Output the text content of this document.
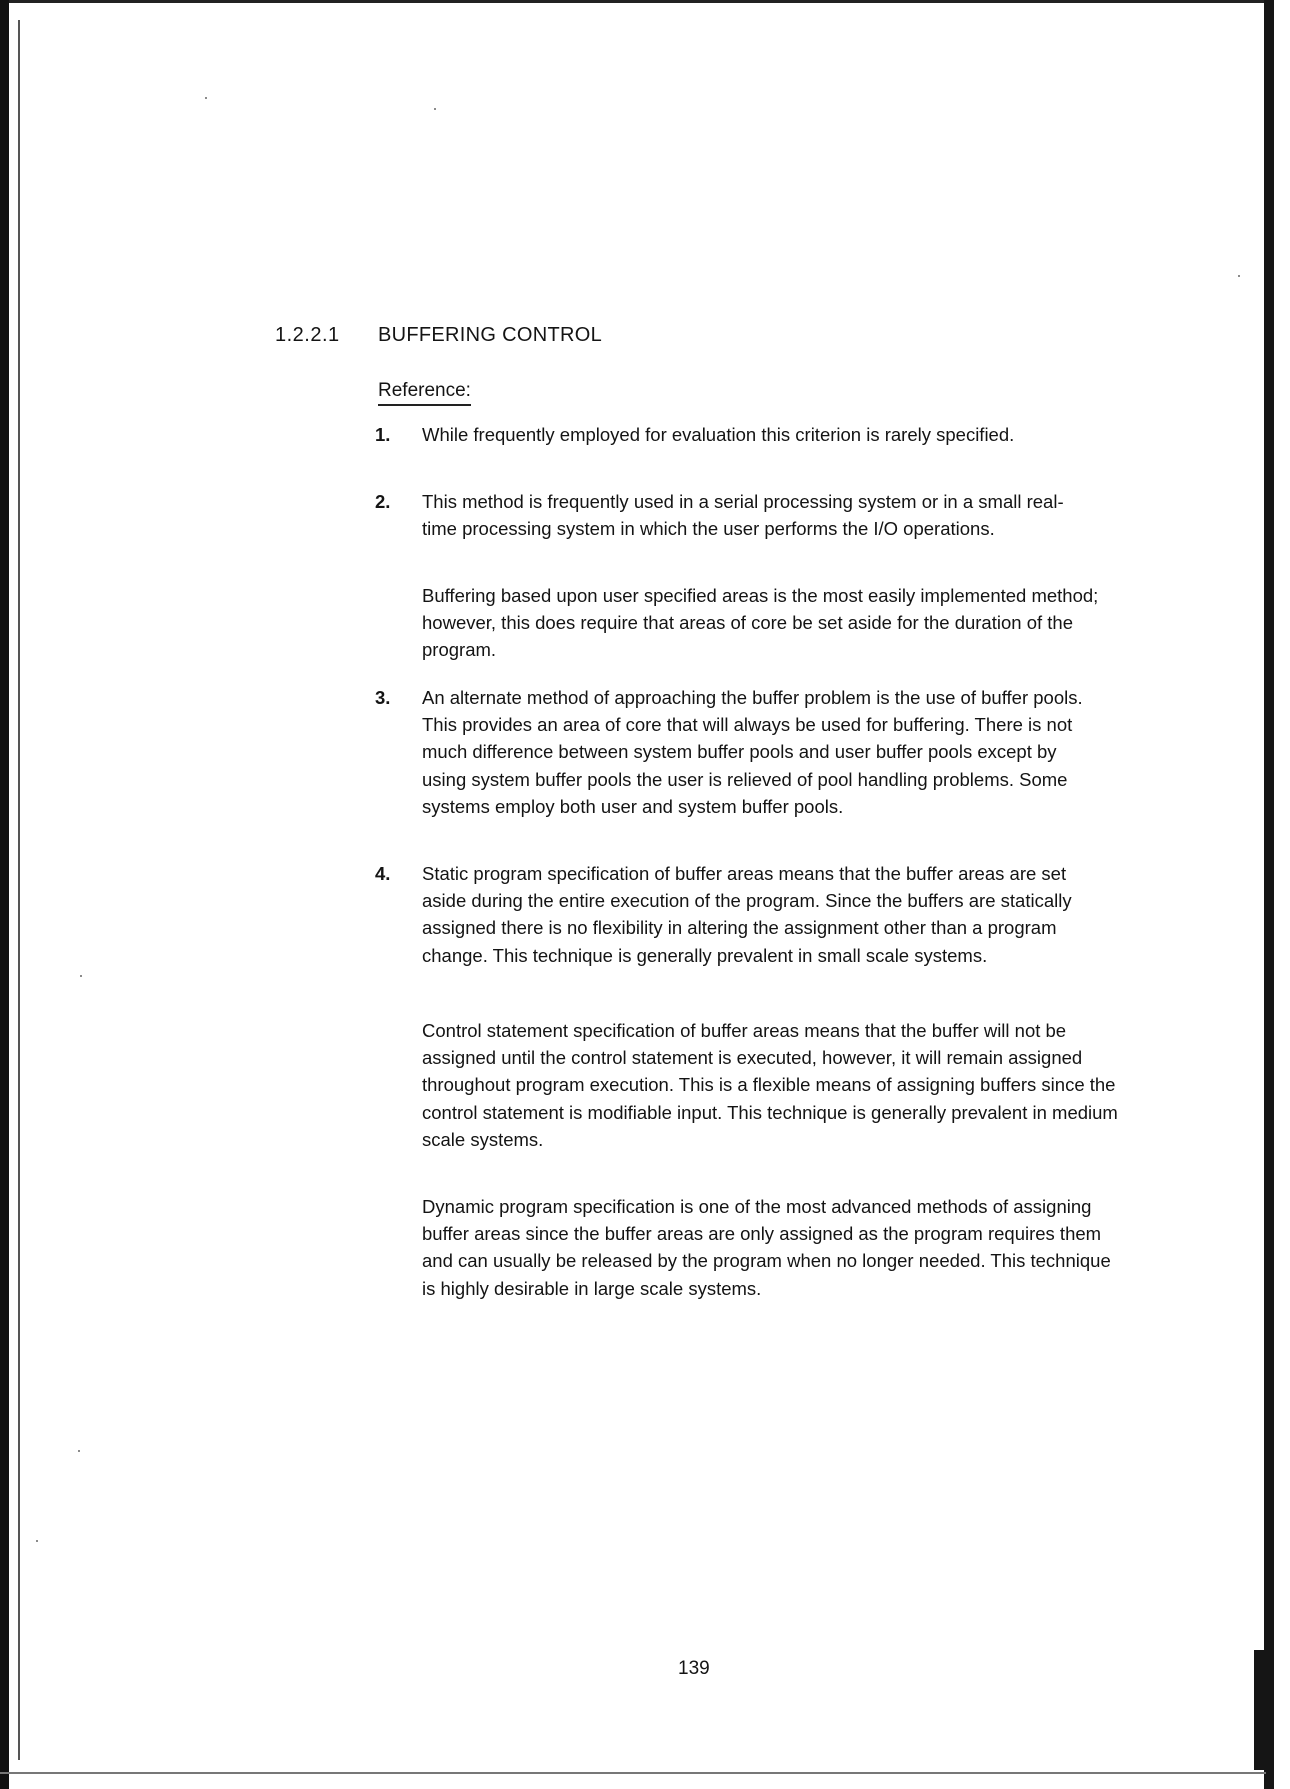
1.2.2.1 BUFFERING CONTROL
Reference:
1. While frequently employed for evaluation this criterion is rarely specified.
2. This method is frequently used in a serial processing system or in a small real-time processing system in which the user performs the I/O operations.
Buffering based upon user specified areas is the most easily implemented method; however, this does require that areas of core be set aside for the duration of the program.
3. An alternate method of approaching the buffer problem is the use of buffer pools. This provides an area of core that will always be used for buffering. There is not much difference between system buffer pools and user buffer pools except by using system buffer pools the user is relieved of pool handling problems. Some systems employ both user and system buffer pools.
4. Static program specification of buffer areas means that the buffer areas are set aside during the entire execution of the program. Since the buffers are statically assigned there is no flexibility in altering the assignment other than a program change. This technique is generally prevalent in small scale systems.
Control statement specification of buffer areas means that the buffer will not be assigned until the control statement is executed, however, it will remain assigned throughout program execution. This is a flexible means of assigning buffers since the control statement is modifiable input. This technique is generally prevalent in medium scale systems.
Dynamic program specification is one of the most advanced methods of assigning buffer areas since the buffer areas are only assigned as the program requires them and can usually be released by the program when no longer needed. This technique is highly desirable in large scale systems.
139
